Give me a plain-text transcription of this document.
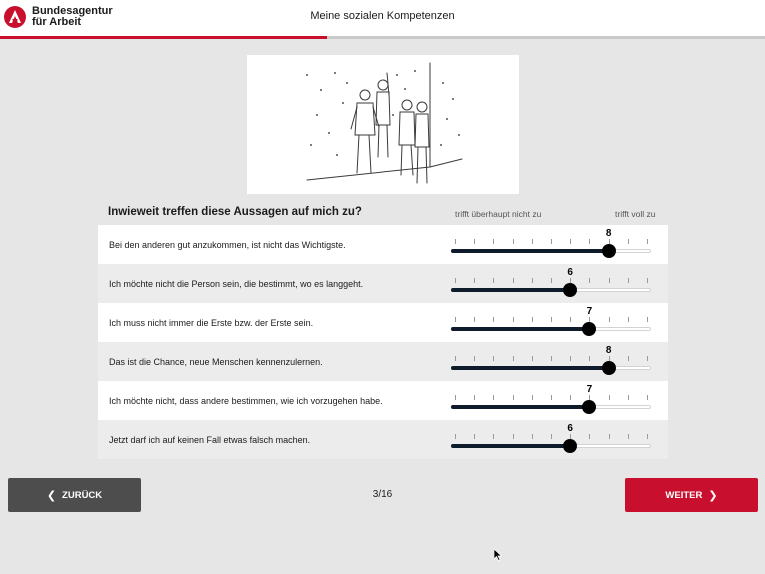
Bundesagentur
für Arbeit	Meine sozialen Kompetenzen
Inwieweit treffen diese Aussagen auf mich zu?	trifft überhaupt nicht zu	trifft voll zu
Bei den anderen gut anzukommen, ist nicht das Wichtigste.
8
Ich möchte nicht die Person sein, die bestimmt, wo es langgeht.
6
Ich muss nicht immer die Erste bzw. der Erste sein.
7
Das ist die Chance, neue Menschen kennenzulernen.
8
Ich möchte nicht, dass andere bestimmen, wie ich vorzugehen habe.
7
Jetzt darf ich auf keinen Fall etwas falsch machen.
6
❮ ZURÜCK	3/16	WEITER ❯
